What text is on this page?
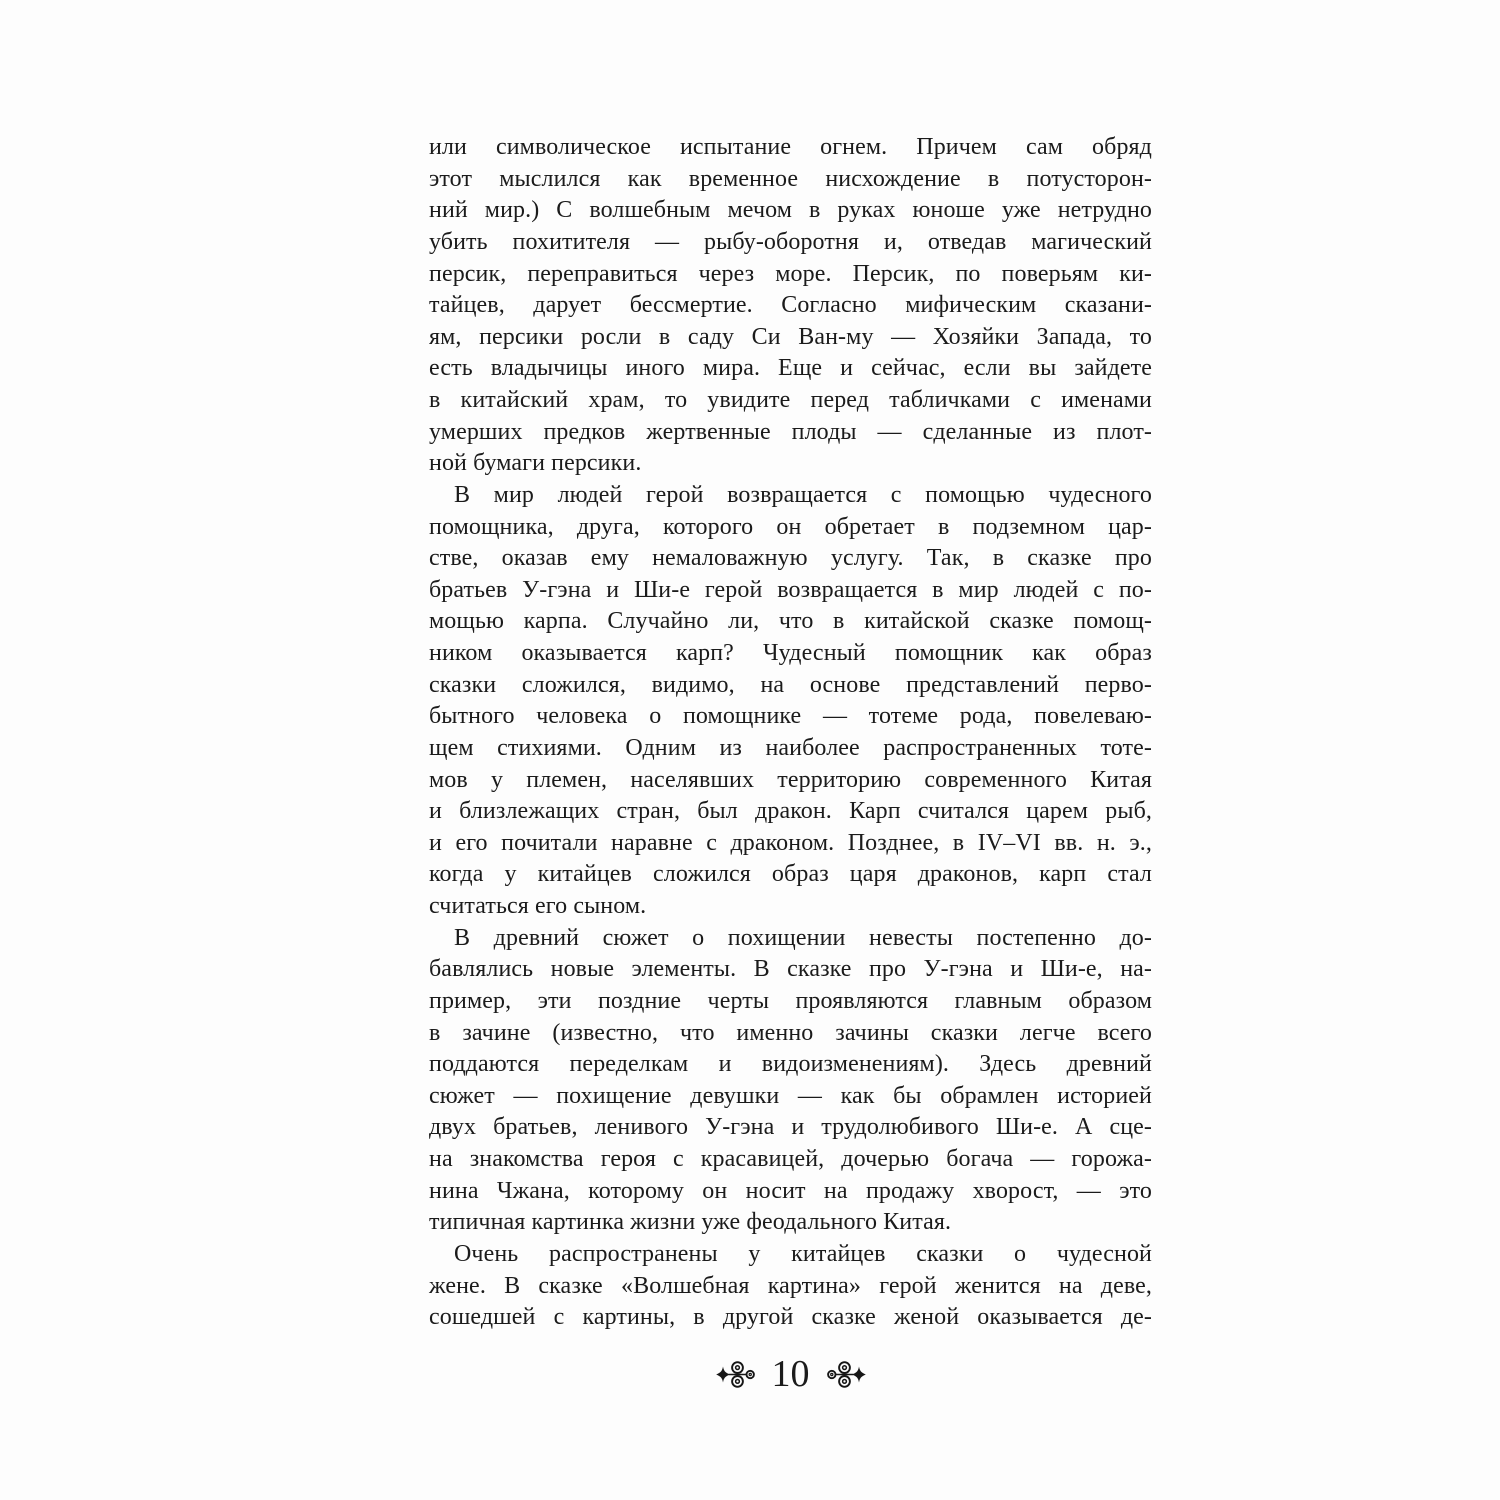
или символическое испытание огнем. Причем сам обряд
этот мыслился как временное нисхождение в потусторон-
ний мир.) С волшебным мечом в руках юноше уже нетрудно
убить похитителя — рыбу-оборотня и, отведав магический
персик, переправиться через море. Персик, по поверьям ки-
тайцев, дарует бессмертие. Согласно мифическим сказани-
ям, персики росли в саду Си Ван-му — Хозяйки Запада, то
есть владычицы иного мира. Еще и сейчас, если вы зайдете
в китайский храм, то увидите перед табличками с именами
умерших предков жертвенные плоды — сделанные из плот-
ной бумаги персики.
В мир людей герой возвращается с помощью чудесного
помощника, друга, которого он обретает в подземном цар-
стве, оказав ему немаловажную услугу. Так, в сказке про
братьев У-гэна и Ши-е герой возвращается в мир людей с по-
мощью карпа. Случайно ли, что в китайской сказке помощ-
ником оказывается карп? Чудесный помощник как образ
сказки сложился, видимо, на основе представлений перво-
бытного человека о помощнике — тотеме рода, повелеваю-
щем стихиями. Одним из наиболее распространенных тоте-
мов у племен, населявших территорию современного Китая
и близлежащих стран, был дракон. Карп считался царем рыб,
и его почитали наравне с драконом. Позднее, в IV–VI вв. н. э.,
когда у китайцев сложился образ царя драконов, карп стал
считаться его сыном.
В древний сюжет о похищении невесты постепенно до-
бавлялись новые элементы. В сказке про У-гэна и Ши-е, на-
пример, эти поздние черты проявляются главным образом
в зачине (известно, что именно зачины сказки легче всего
поддаются переделкам и видоизменениям). Здесь древний
сюжет — похищение девушки — как бы обрамлен историей
двух братьев, ленивого У-гэна и трудолюбивого Ши-е. А сце-
на знакомства героя с красавицей, дочерью богача — горожа-
нина Чжана, которому он носит на продажу хворост, — это
типичная картинка жизни уже феодального Китая.
Очень распространены у китайцев сказки о чудесной
жене. В сказке «Волшебная картина» герой женится на деве,
сошедшей с картины, в другой сказке женой оказывается де-
10
